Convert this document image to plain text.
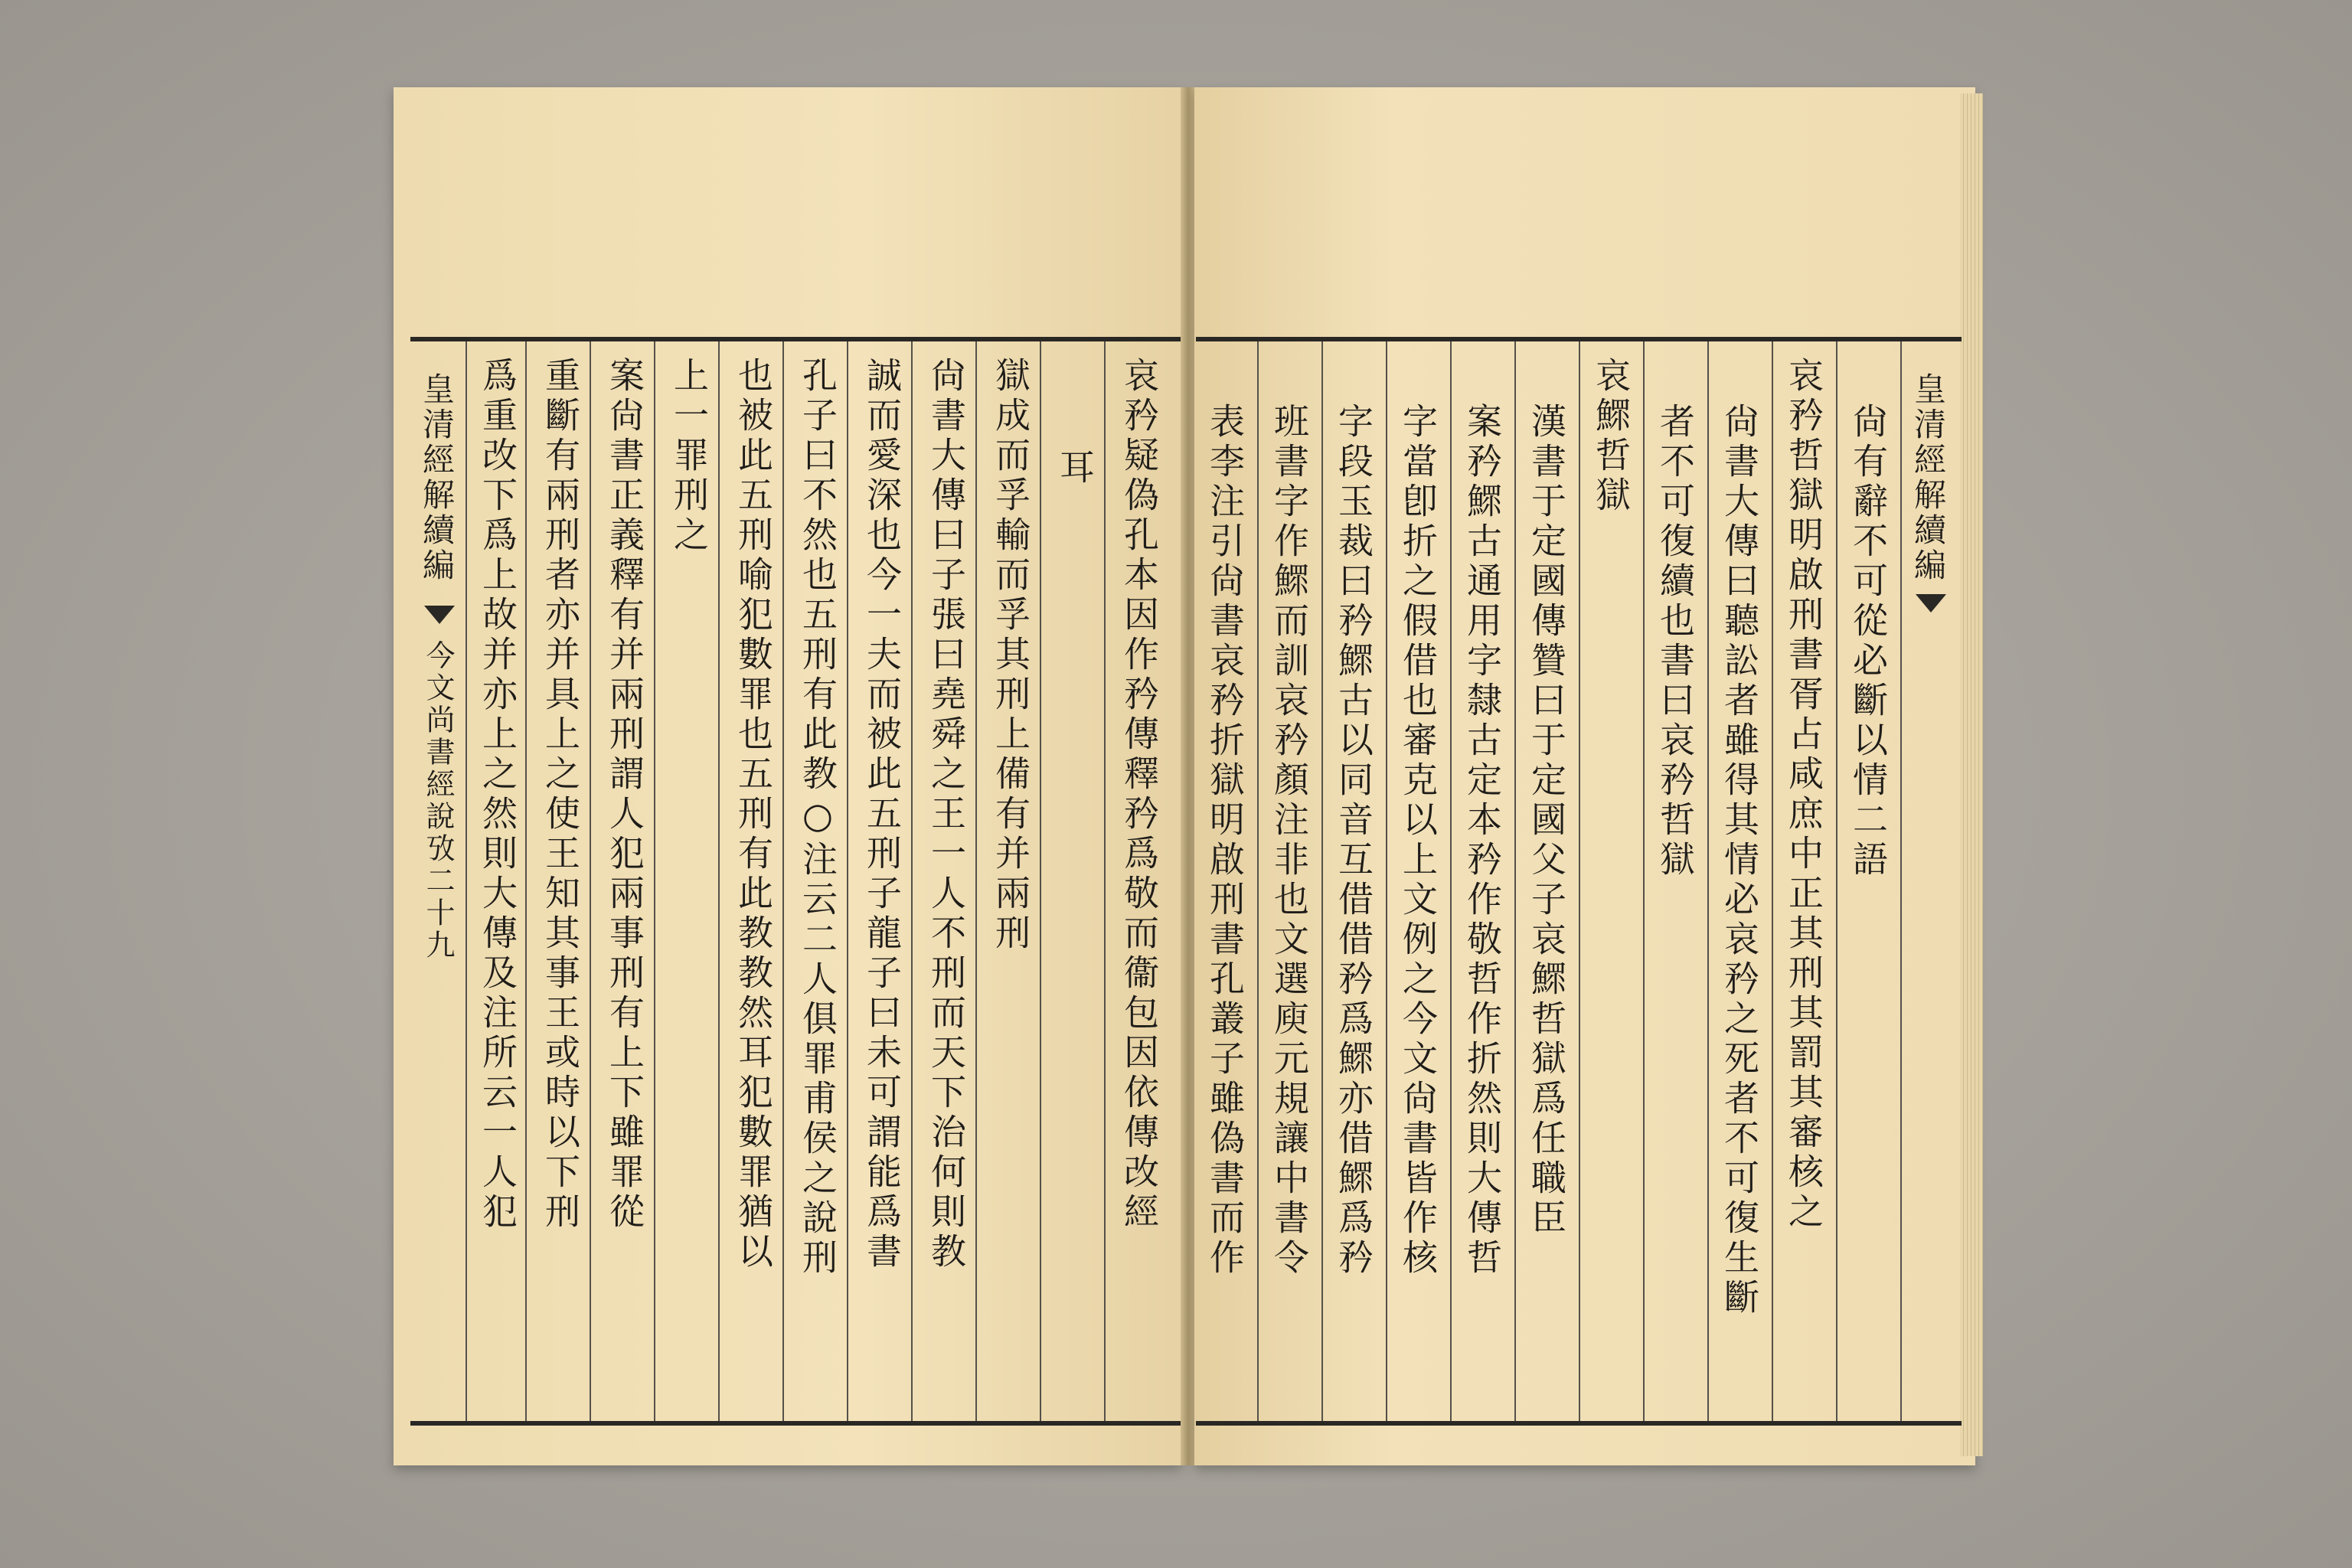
皇清經解續編
今文尚書經說攷二十九	哀矜疑偽孔本因作矜傳釋矜爲敬而衞包因依傳改經
耳
獄成而孚輸而孚其刑上備有并兩刑
尙書大傳曰子張曰堯舜之王一人不刑而天下治何則教
誠而愛深也今一夫而被此五刑子龍子曰未可謂能爲書
孔子曰不然也五刑有此教○注云二人俱罪甫侯之說刑
也被此五刑喻犯數罪也五刑有此教教然耳犯數罪猶以
上一罪刑之
案尙書正義釋有并兩刑謂人犯兩事刑有上下雖罪從
重斷有兩刑者亦并具上之使王知其事王或時以下刑
爲重改下爲上故并亦上之然則大傳及注所云一人犯	皇清經解續編
尙有辭不可從必斷以情二語
哀矜哲獄明啟刑書胥占咸庶中正其刑其罰其審核之
尙書大傳曰聽訟者雖得其情必哀矜之死者不可復生斷
者不可復續也書曰哀矜哲獄
哀鰥哲獄
漢書于定國傳贊曰于定國父子哀鰥哲獄爲任職臣
案矜鰥古通用字隸古定本矜作敬哲作折然則大傳哲
字當卽折之假借也審克以上文例之今文尙書皆作核
字段玉裁曰矜鰥古以同音互借借矜爲鰥亦借鰥爲矜
班書字作鰥而訓哀矜顏注非也文選庾元規讓中書令
表李注引尙書哀矜折獄明啟刑書孔叢子雖偽書而作
